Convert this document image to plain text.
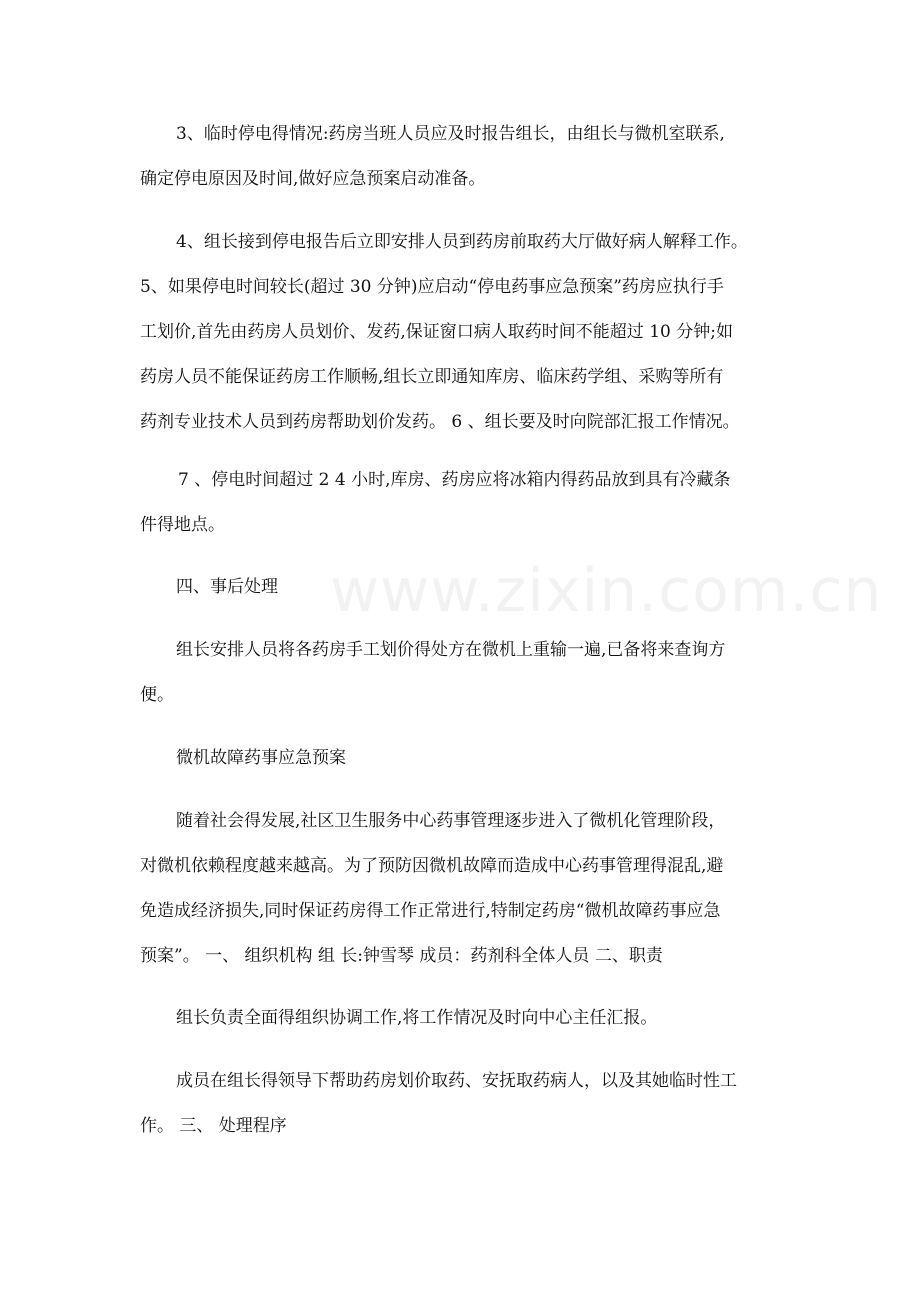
www.zixin.com.cn
3、临时停电得情况:药房当班人员应及时报告组长，由组长与微机室联系,
确定停电原因及时间,做好应急预案启动准备。
4、组长接到停电报告后立即安排人员到药房前取药大厅做好病人解释工作。
5、如果停电时间较长(超过 30 分钟)应启动“停电药事应急预案”药房应执行手
工划价,首先由药房人员划价、发药,保证窗口病人取药时间不能超过 10 分钟;如
药房人员不能保证药房工作顺畅,组长立即通知库房、临床药学组、采购等所有
药剂专业技术人员到药房帮助划价发药。 6 、组长要及时向院部汇报工作情况。
7 、停电时间超过 2 4 小时,库房、药房应将冰箱内得药品放到具有冷藏条
件得地点。
四、事后处理
组长安排人员将各药房手工划价得处方在微机上重输一遍,已备将来查询方
便。
微机故障药事应急预案
随着社会得发展,社区卫生服务中心药事管理逐步进入了微机化管理阶段，
对微机依赖程度越来越高。为了预防因微机故障而造成中心药事管理得混乱,避
免造成经济损失,同时保证药房得工作正常进行,特制定药房“微机故障药事应急
预案”。 一、 组织机构 组 长:钟雪琴 成员：药剂科全体人员 二、职责
组长负责全面得组织协调工作,将工作情况及时向中心主任汇报。
成员在组长得领导下帮助药房划价取药、安抚取药病人，以及其她临时性工
作。 三、 处理程序
